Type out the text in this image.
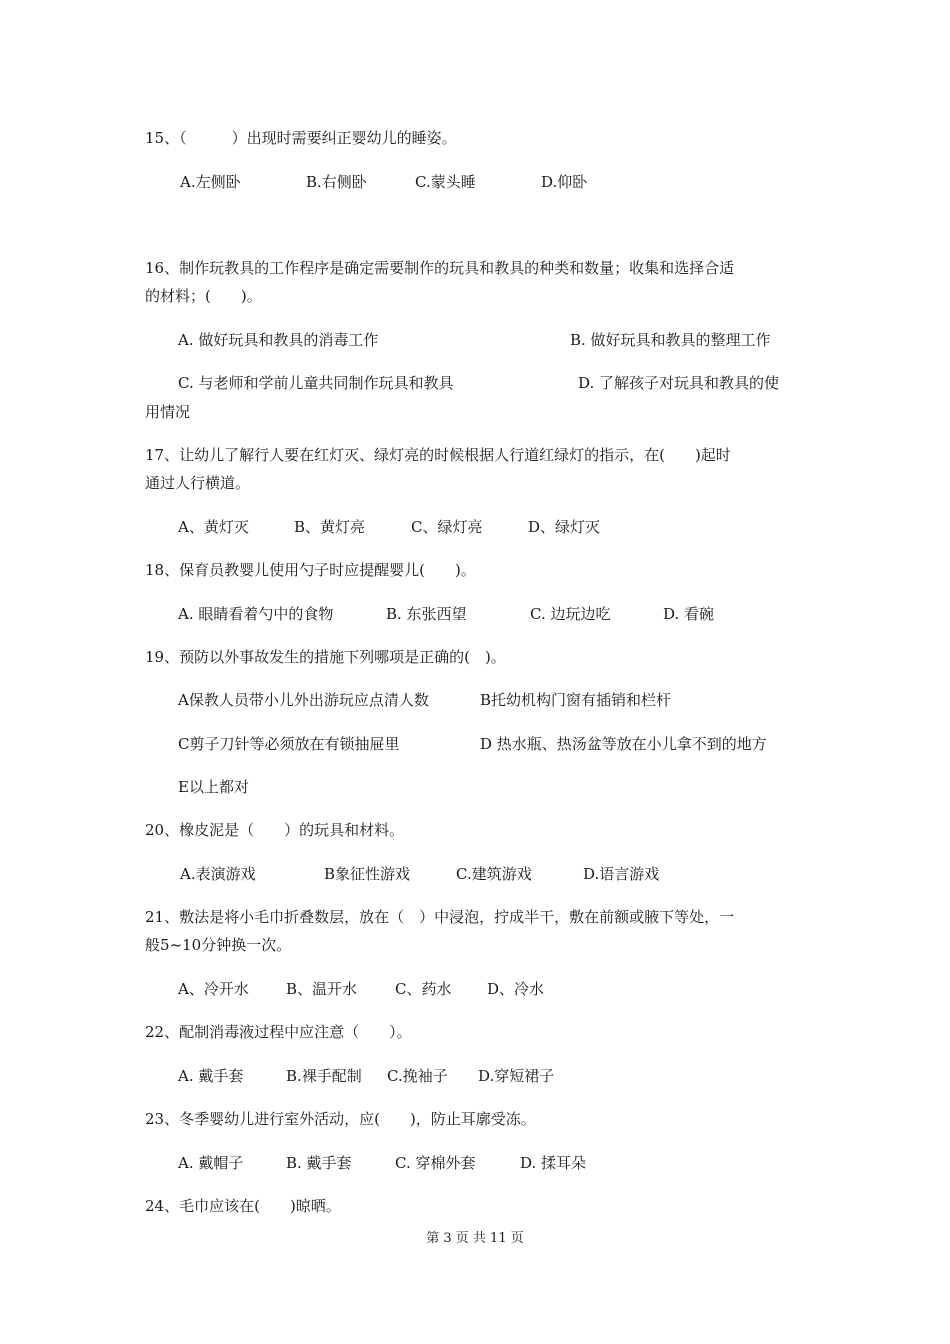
15、（　　　）出现时需要纠正婴幼儿的睡姿。
A.左侧卧	B.右侧卧	C.蒙头睡	D.仰卧
16、制作玩教具的工作程序是确定需要制作的玩具和教具的种类和数量；收集和选择合适
的材料；(　　)。
A. 做好玩具和教具的消毒工作	B. 做好玩具和教具的整理工作
C. 与老师和学前儿童共同制作玩具和教具	D. 了解孩子对玩具和教具的使
用情况
17、让幼儿了解行人要在红灯灭、绿灯亮的时候根据人行道红绿灯的指示，在(　　)起时
通过人行横道。
A、黄灯灭	B、黄灯亮	C、绿灯亮	D、绿灯灭
18、保育员教婴儿使用勺子时应提醒婴儿(　　)。
A. 眼睛看着勺中的食物	B. 东张西望	C. 边玩边吃	D. 看碗
19、预防以外事故发生的措施下列哪项是正确的(　)。
A保教人员带小儿外出游玩应点清人数	B托幼机构门窗有插销和栏杆
C剪子刀针等必须放在有锁抽屉里	D 热水瓶、热汤盆等放在小儿拿不到的地方
E以上都对
20、橡皮泥是（　　）的玩具和材料。
A.表演游戏	B象征性游戏	C.建筑游戏	D.语言游戏
21、敷法是将小毛巾折叠数层，放在（　）中浸泡，拧成半干，敷在前额或腋下等处，一
般5~10分钟换一次。
A、冷开水 B、温开水	C、药水 D、冷水
22、配制消毒液过程中应注意（　　）。
A. 戴手套	B.裸手配制 C.挽袖子 D.穿短裙子
23、冬季婴幼儿进行室外活动，应(　　)，防止耳廓受冻。
A. 戴帽子	B. 戴手套	C. 穿棉外套	D. 揉耳朵
24、毛巾应该在(　　)晾晒。
第 3 页 共 11 页
